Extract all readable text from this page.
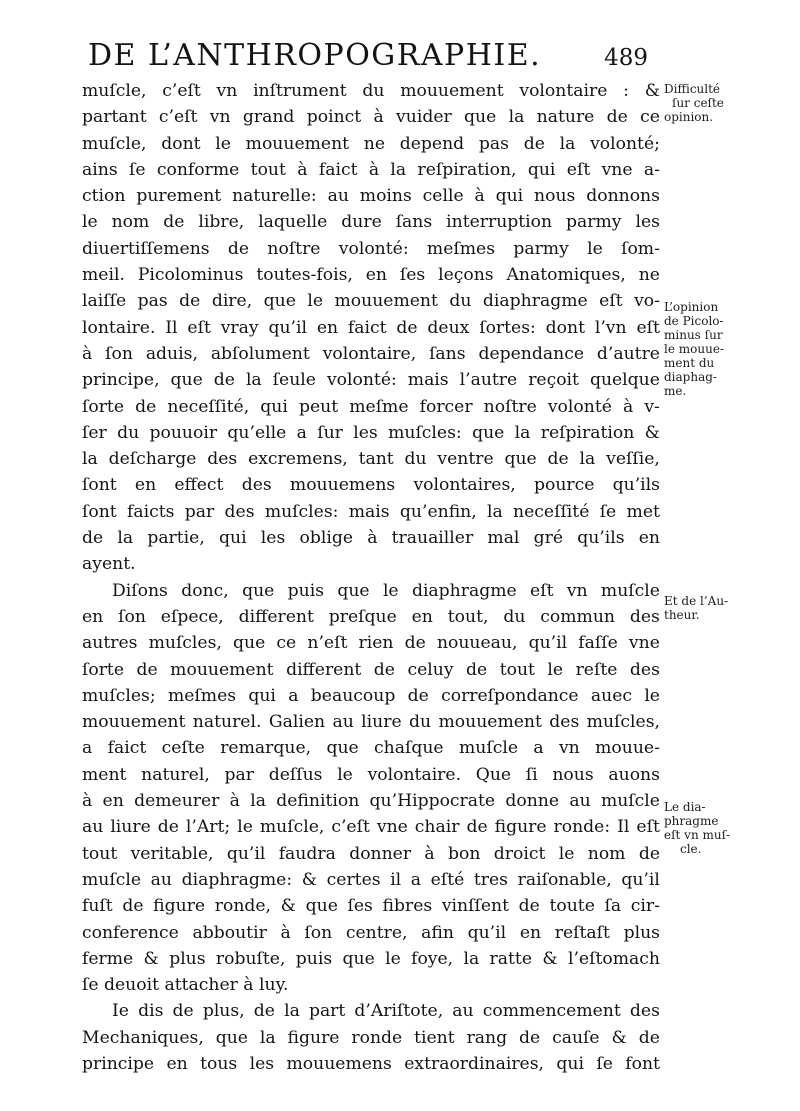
DE L’ANTHROPOGRAPHIE.	489
muſcle, c’eſt vn inſtrument du mouuement volontaire : &
partant c’eſt vn grand poinct à vuider que la nature de ce
muſcle, dont le mouuement ne depend pas de la volonté;
ains ſe conforme tout à faict à la reſpiration, qui eſt vne a-
ction purement naturelle: au moins celle à qui nous donnons
le nom de libre, laquelle dure ſans interruption parmy les
diuertiſſemens de noſtre volonté: meſmes parmy le ſom-
meil. Picolominus toutes-fois, en ſes leçons Anatomiques, ne
laiſſe pas de dire, que le mouuement du diaphragme eſt vo-
lontaire. Il eſt vray qu’il en faict de deux ſortes: dont l’vn eſt
à ſon aduis, abſolument volontaire, ſans dependance d’autre
principe, que de la ſeule volonté: mais l’autre reçoit quelque
ſorte de neceſſité, qui peut meſme forcer noſtre volonté à v-
ſer du pouuoir qu’elle a ſur les muſcles: que la reſpiration &
la deſcharge des excremens, tant du ventre que de la veſſie,
ſont en effect des mouuemens volontaires, pource qu’ils
ſont faicts par des muſcles: mais qu’enfin, la neceſſité ſe met
de la partie, qui les oblige à trauailler mal gré qu’ils en
ayent.
Diſons donc, que puis que le diaphragme eſt vn muſcle
en ſon eſpece, different preſque en tout, du commun des
autres muſcles, que ce n’eſt rien de nouueau, qu’il faſſe vne
ſorte de mouuement different de celuy de tout le reſte des
muſcles; meſmes qui a beaucoup de correſpondance auec le
mouuement naturel. Galien au liure du mouuement des muſcles,
a faict ceſte remarque, que chaſque muſcle a vn mouue-
ment naturel, par deſſus le volontaire. Que ſi nous auons
à en demeurer à la definition qu’Hippocrate donne au muſcle
au liure de l’Art; le muſcle, c’eſt vne chair de figure ronde: Il eſt
tout veritable, qu’il faudra donner à bon droict le nom de
muſcle au diaphragme: & certes il a eſté tres raiſonable, qu’il
fuſt de figure ronde, & que ſes fibres vinſſent de toute ſa cir-
conference abboutir à ſon centre, afin qu’il en reſtaſt plus
ferme & plus robuſte, puis que le foye, la ratte & l’eſtomach
ſe deuoit attacher à luy.
Ie dis de plus, de la part d’Ariſtote, au commencement des
Mechaniques, que la figure ronde tient rang de cauſe & de
principe en tous les mouuemens extraordinaires, qui ſe font
Difficulté
ſur ceſte
opinion.
L’opinion
de Picolo-
minus ſur
le mouue-
ment du
diaphag-
me.
Et de l’Au-
theur.
Le dia-
phragme
eſt vn muſ-
cle.
